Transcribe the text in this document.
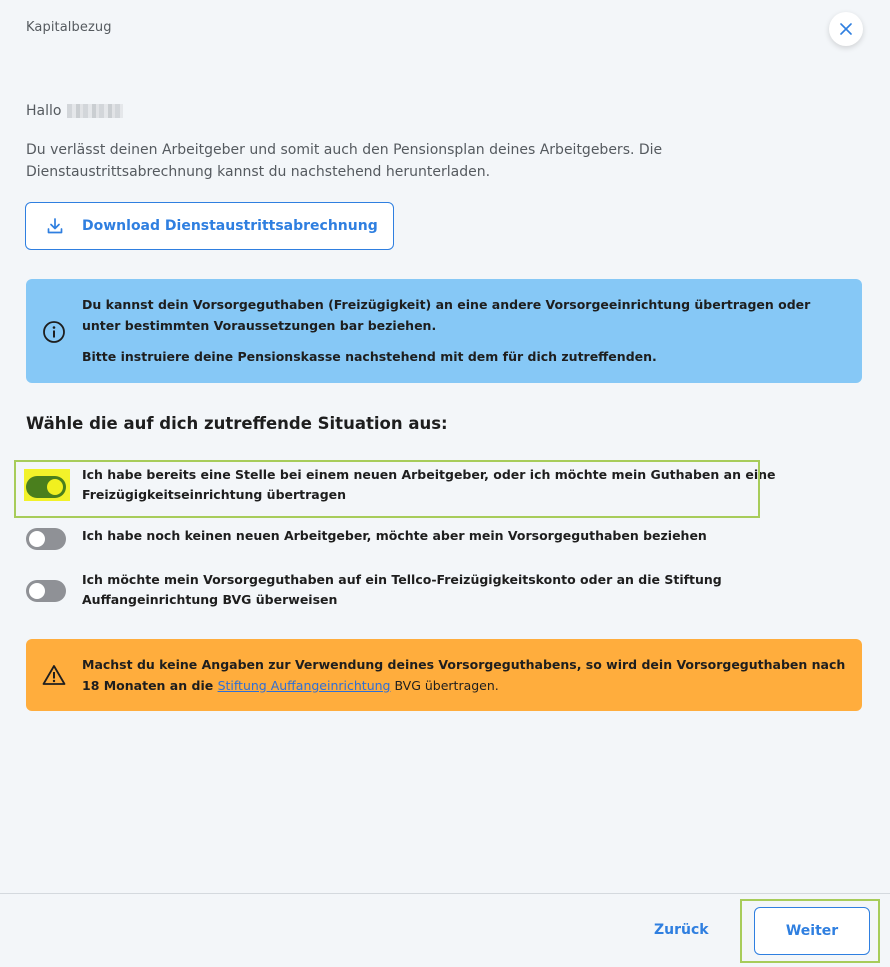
Kapitalbezug
Hallo
Du verlässt deinen Arbeitgeber und somit auch den Pensionsplan deines Arbeitgebers. Die Dienstaustrittsabrechnung kannst du nachstehend herunterladen.
Download Dienstaustrittsabrechnung
Du kannst dein Vorsorgeguthaben (Freizügigkeit) an eine andere Vorsorgeeinrichtung übertragen oder unter bestimmten Voraussetzungen bar beziehen.
Bitte instruiere deine Pensionskasse nachstehend mit dem für dich zutreffenden.
Wähle die auf dich zutreffende Situation aus:
Ich habe bereits eine Stelle bei einem neuen Arbeitgeber, oder ich möchte mein Guthaben an eine Freizügigkeitseinrichtung übertragen
Ich habe noch keinen neuen Arbeitgeber, möchte aber mein Vorsorgeguthaben beziehen
Ich möchte mein Vorsorgeguthaben auf ein Tellco-Freizügigkeitskonto oder an die Stiftung Auffangeinrichtung BVG überweisen
Machst du keine Angaben zur Verwendung deines Vorsorgeguthabens, so wird dein Vorsorgeguthaben nach 18 Monaten an die Stiftung Auffangeinrichtung BVG übertragen.
Zurück	Weiter
